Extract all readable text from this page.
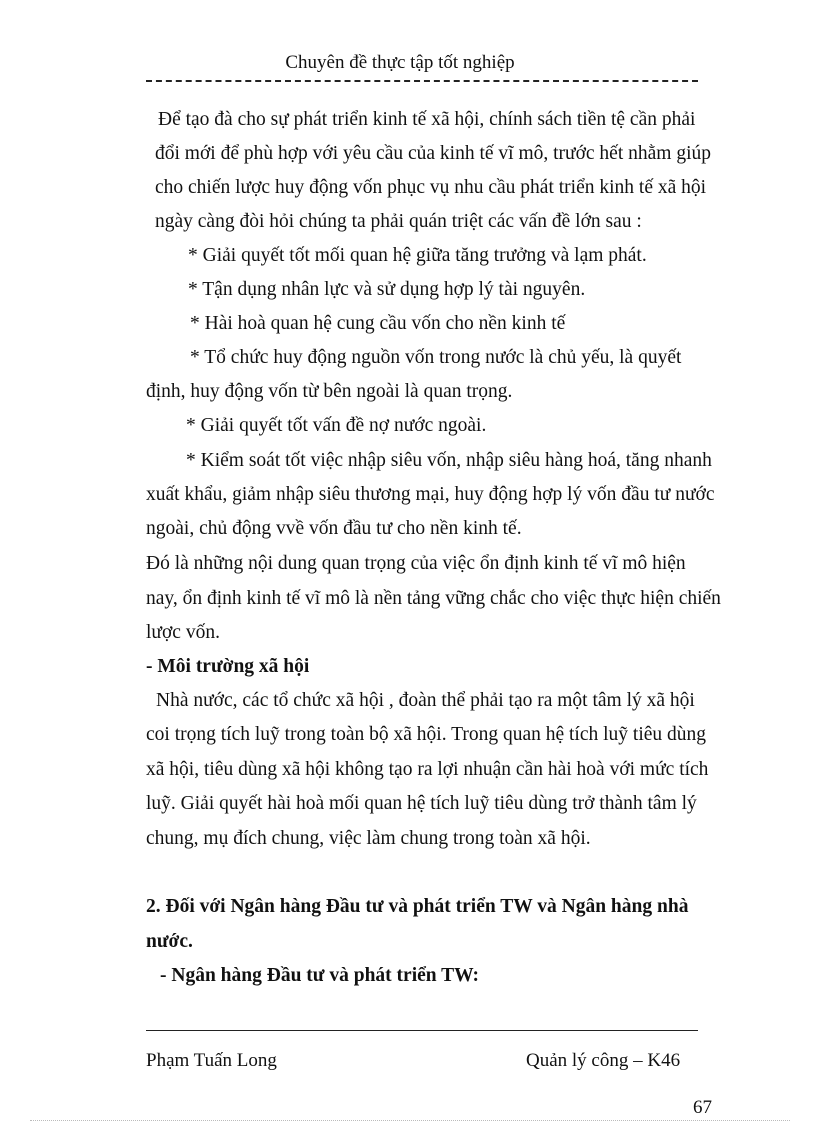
Chuyên đề thực tập tốt nghiệp
Để tạo đà cho sự phát triển kinh tế xã hội, chính sách tiền tệ cần phải
đổi mới để phù hợp với yêu cầu của kinh tế vĩ mô, trước hết nhằm giúp
cho chiến lược huy động vốn phục vụ nhu cầu phát triển kinh tế xã hội
ngày càng đòi hỏi chúng ta phải quán triệt các vấn đề lớn sau :
* Giải quyết tốt mối quan hệ giữa tăng trưởng và lạm phát.
* Tận dụng nhân lực và sử dụng hợp lý tài nguyên.
* Hài hoà quan hệ cung cầu vốn cho nền kinh tế
* Tổ chức huy động nguồn vốn trong nước là chủ yếu, là quyết
định, huy động vốn từ bên ngoài là quan trọng.
* Giải quyết tốt vấn đề nợ nước ngoài.
* Kiểm soát tốt việc nhập siêu vốn, nhập siêu hàng hoá, tăng nhanh
xuất khẩu, giảm nhập siêu thương mại, huy động hợp lý vốn đầu tư nước
ngoài, chủ động vvề vốn đầu tư cho nền kinh tế.
Đó là những nội dung quan trọng của việc ổn định kinh tế vĩ mô hiện
nay, ổn định kinh tế vĩ mô là nền tảng vững chắc cho việc thực hiện chiến
lược vốn.
- Môi trường xã hội
Nhà nước, các tổ chức xã hội , đoàn thể phải tạo ra một tâm lý xã hội
coi trọng tích luỹ trong toàn bộ xã hội. Trong quan hệ tích luỹ tiêu dùng
xã hội, tiêu dùng xã hội không tạo ra lợi nhuận cần hài hoà với mức tích
luỹ. Giải quyết hài hoà mối quan hệ tích luỹ tiêu dùng trở thành tâm lý
chung, mụ đích chung, việc làm chung trong toàn xã hội.
2. Đối với Ngân hàng Đầu tư và phát triển TW và Ngân hàng nhà
nước.
- Ngân hàng Đầu tư và phát triển TW:
Phạm Tuấn Long	Quản lý công – K46
67
